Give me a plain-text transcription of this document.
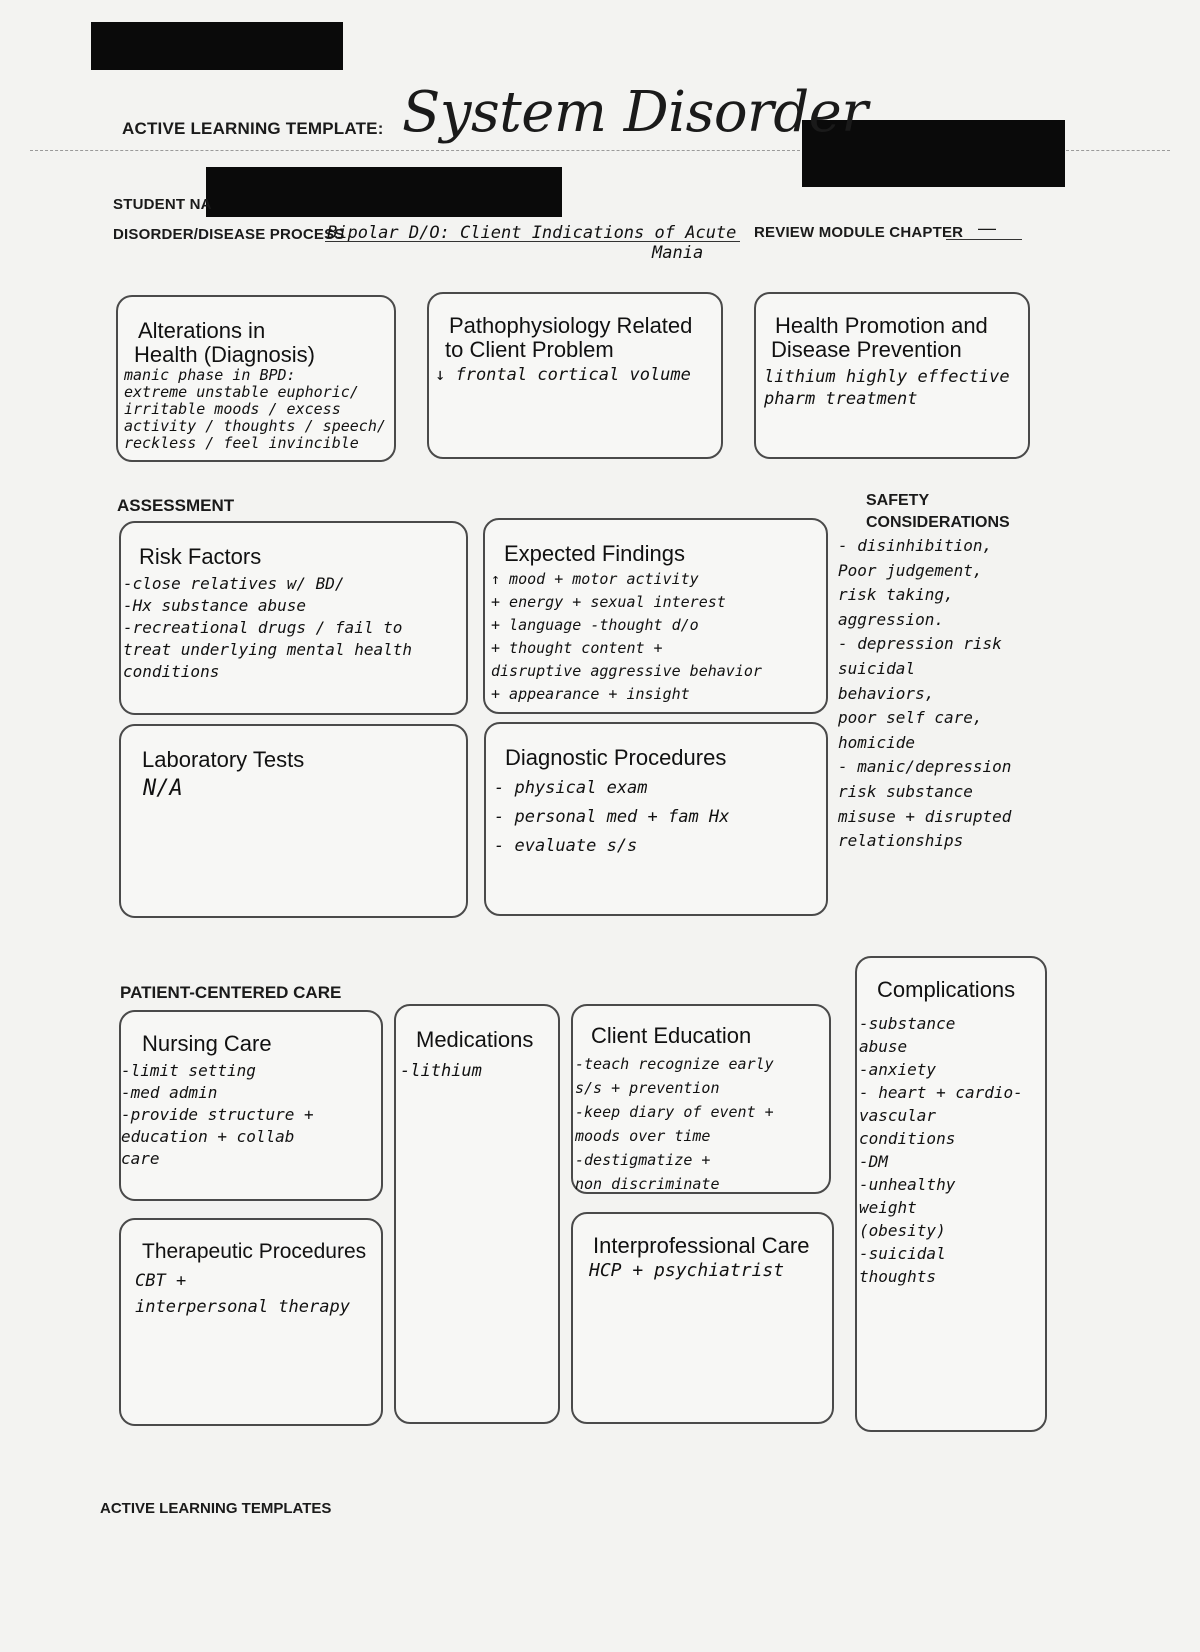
ACTIVE LEARNING TEMPLATE: System Disorder
STUDENT NA
DISORDER/DISEASE PROCESS
Bipolar D/O: Client Indications of Acute
Mania
REVIEW MODULE CHAPTER —
Alterations in
Health (Diagnosis)
manic phase in BPD:
extreme unstable euphoric/
irritable moods / excess
activity / thoughts / speech/
reckless / feel invincible
Pathophysiology Related
to Client Problem
↓ frontal cortical volume
Health Promotion and
Disease Prevention
lithium highly effective
pharm treatment
ASSESSMENT
Risk Factors
-close relatives w/ BD/
-Hx substance abuse
-recreational drugs / fail to
treat underlying mental health
conditions
Expected Findings
↑ mood + motor activity
+ energy + sexual interest
+ language -thought d/o
+ thought content +
disruptive aggressive behavior
+ appearance + insight
Laboratory Tests
N/A
Diagnostic Procedures
- physical exam
- personal med + fam Hx
- evaluate s/s
SAFETY
CONSIDERATIONS
- disinhibition,
Poor judgement,
risk taking,
aggression.
- depression risk
suicidal
behaviors,
poor self care,
homicide
- manic/depression
risk substance
misuse + disrupted
relationships
PATIENT-CENTERED CARE
Nursing Care
-limit setting
-med admin
-provide structure +
education + collab
care
Medications
-lithium
Client Education
-teach recognize early
s/s + prevention
-keep diary of event +
moods over time
-destigmatize +
non discriminate
Therapeutic Procedures
CBT +
interpersonal therapy
Interprofessional Care
HCP + psychiatrist
Complications
-substance
abuse
-anxiety
- heart + cardio-
vascular
conditions
-DM
-unhealthy
weight
(obesity)
-suicidal
thoughts
ACTIVE LEARNING TEMPLATES
